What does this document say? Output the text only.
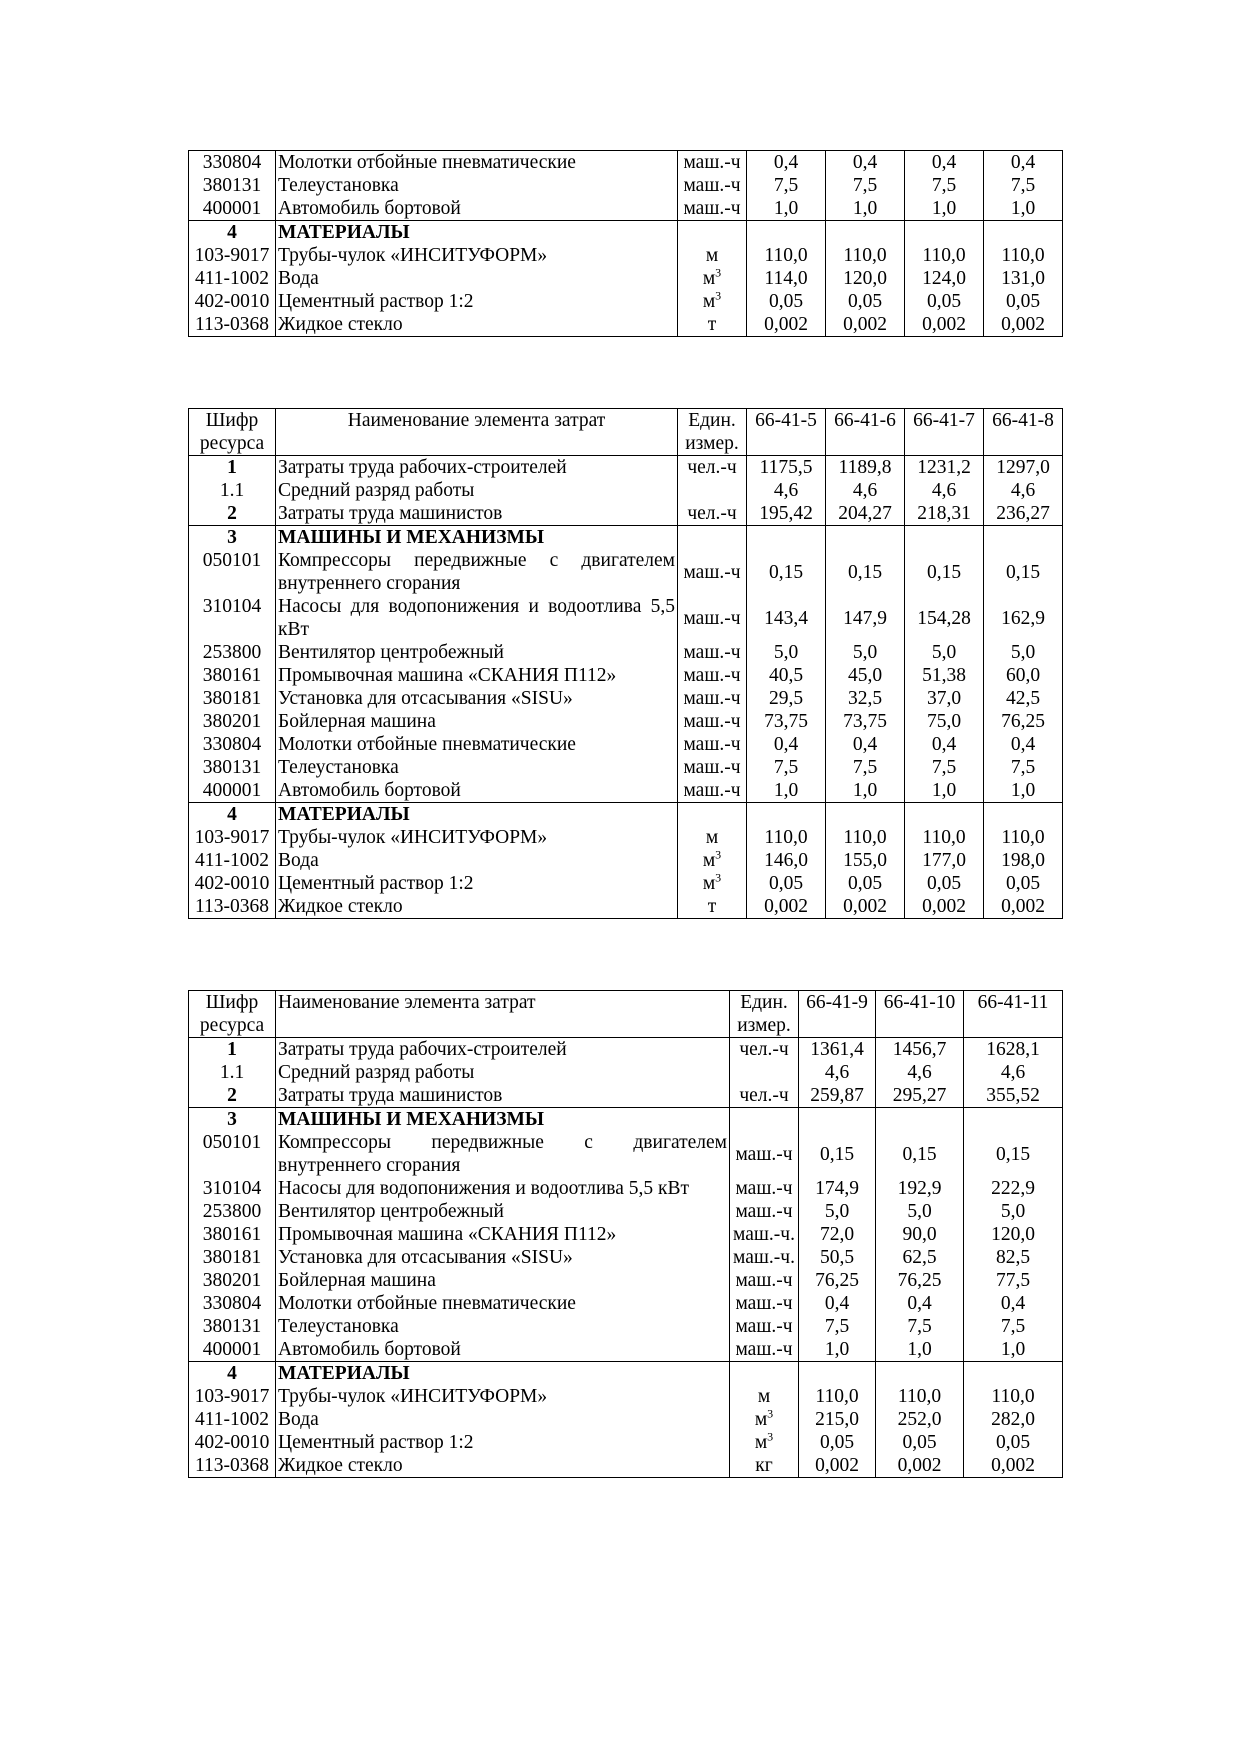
330804	Молотки отбойные пневматические	маш.-ч	0,4	0,4	0,4	0,4
380131	Телеустановка	маш.-ч	7,5	7,5	7,5	7,5
400001	Автомобиль бортовой	маш.-ч	1,0	1,0	1,0	1,0
4	МАТЕРИАЛЫ					
103-9017	Трубы-чулок «ИНСИТУФОРМ»	м	110,0	110,0	110,0	110,0
411-1002	Вода	$м^3$	114,0	120,0	124,0	131,0
402-0010	Цементный раствор 1:2	$м^3$	0,05	0,05	0,05	0,05
113-0368	Жидкое стекло	т	0,002	0,002	0,002	0,002
Шифр ресурса	Наименование элемента затрат	Един. измер.	66-41-5	66-41-6	66-41-7	66-41-8
1	Затраты труда рабочих-строителей	чел.-ч	1175,5	1189,8	1231,2	1297,0
1.1	Средний разряд работы		4,6	4,6	4,6	4,6
2	Затраты труда машинистов	чел.-ч	195,42	204,27	218,31	236,27
3	МАШИНЫ И МЕХАНИЗМЫ					
050101	Компрессоры передвижные с двигателем внутреннего сгорания	маш.-ч	0,15	0,15	0,15	0,15
310104	Насосы для водопонижения и водоотлива 5,5 кВт	маш.-ч	143,4	147,9	154,28	162,9
253800	Вентилятор центробежный	маш.-ч	5,0	5,0	5,0	5,0
380161	Промывочная машина «СКАНИЯ П112»	маш.-ч	40,5	45,0	51,38	60,0
380181	Установка для отсасывания «SISU»	маш.-ч	29,5	32,5	37,0	42,5
380201	Бойлерная машина	маш.-ч	73,75	73,75	75,0	76,25
330804	Молотки отбойные пневматические	маш.-ч	0,4	0,4	0,4	0,4
380131	Телеустановка	маш.-ч	7,5	7,5	7,5	7,5
400001	Автомобиль бортовой	маш.-ч	1,0	1,0	1,0	1,0
4	МАТЕРИАЛЫ					
103-9017	Трубы-чулок «ИНСИТУФОРМ»	м	110,0	110,0	110,0	110,0
411-1002	Вода	$м^3$	146,0	155,0	177,0	198,0
402-0010	Цементный раствор 1:2	$м^3$	0,05	0,05	0,05	0,05
113-0368	Жидкое стекло	т	0,002	0,002	0,002	0,002
Шифр ресурса	Наименование элемента затрат	Един. измер.	66-41-9	66-41-10	66-41-11
1	Затраты труда рабочих-строителей	чел.-ч	1361,4	1456,7	1628,1
1.1	Средний разряд работы		4,6	4,6	4,6
2	Затраты труда машинистов	чел.-ч	259,87	295,27	355,52
3	МАШИНЫ И МЕХАНИЗМЫ				
050101	Компрессоры передвижные с двигателем внутреннего сгорания	маш.-ч	0,15	0,15	0,15
310104	Насосы для водопонижения и водоотлива 5,5 кВт	маш.-ч	174,9	192,9	222,9
253800	Вентилятор центробежный	маш.-ч	5,0	5,0	5,0
380161	Промывочная машина «СКАНИЯ П112»	маш.-ч.	72,0	90,0	120,0
380181	Установка для отсасывания «SISU»	маш.-ч.	50,5	62,5	82,5
380201	Бойлерная машина	маш.-ч	76,25	76,25	77,5
330804	Молотки отбойные пневматические	маш.-ч	0,4	0,4	0,4
380131	Телеустановка	маш.-ч	7,5	7,5	7,5
400001	Автомобиль бортовой	маш.-ч	1,0	1,0	1,0
4	МАТЕРИАЛЫ				
103-9017	Трубы-чулок «ИНСИТУФОРМ»	м	110,0	110,0	110,0
411-1002	Вода	$м^3$	215,0	252,0	282,0
402-0010	Цементный раствор 1:2	$м^3$	0,05	0,05	0,05
113-0368	Жидкое стекло	кг	0,002	0,002	0,002
